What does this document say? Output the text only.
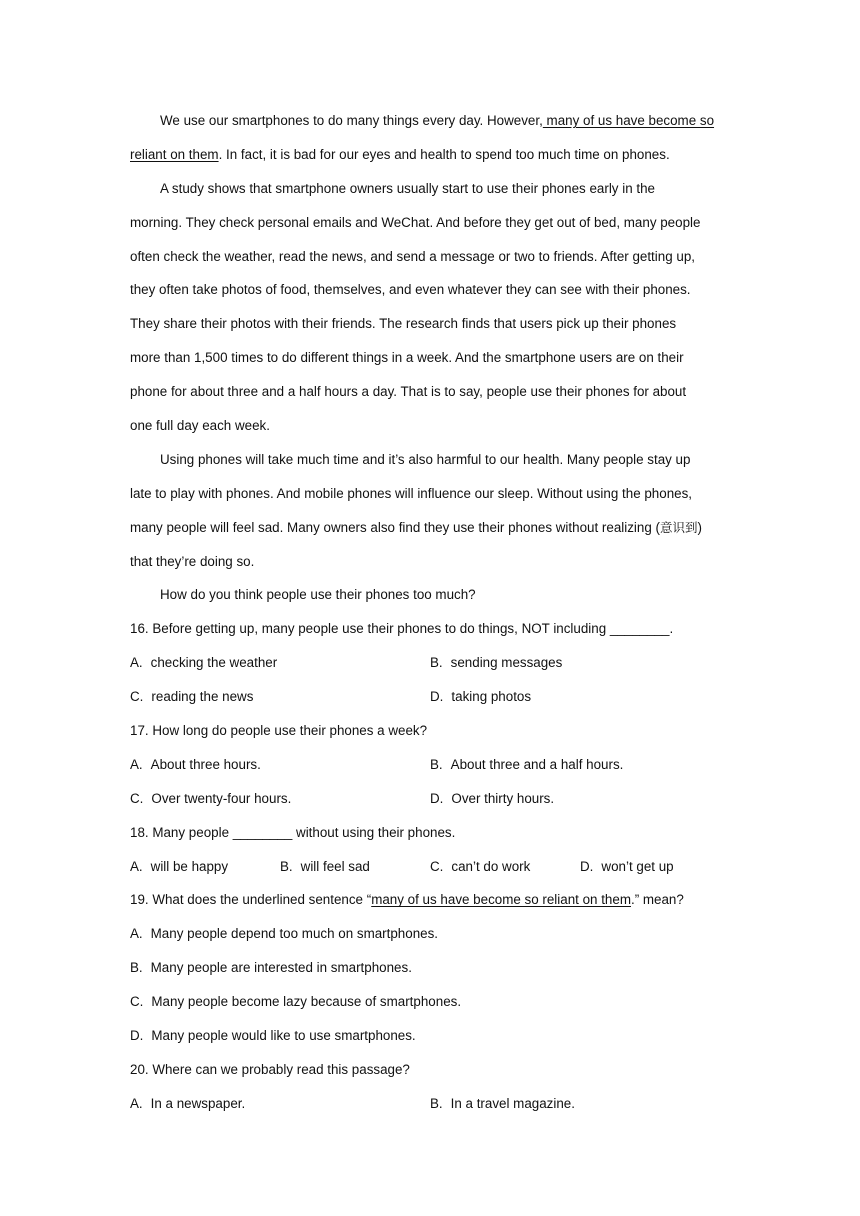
We use our smartphones to do many things every day. However, many of us have become so
reliant on them. In fact, it is bad for our eyes and health to spend too much time on phones.
A study shows that smartphone owners usually start to use their phones early in the
morning. They check personal emails and WeChat. And before they get out of bed, many people
often check the weather, read the news, and send a message or two to friends. After getting up,
they often take photos of food, themselves, and even whatever they can see with their phones.
They share their photos with their friends. The research finds that users pick up their phones
more than 1,500 times to do different things in a week. And the smartphone users are on their
phone for about three and a half hours a day. That is to say, people use their phones for about
one full day each week.
Using phones will take much time and it’s also harmful to our health. Many people stay up
late to play with phones. And mobile phones will influence our sleep. Without using the phones,
many people will feel sad. Many owners also find they use their phones without realizing (意识到)
that they’re doing so.
How do you think people use their phones too much?
16. Before getting up, many people use their phones to do things, NOT including ________.
A. checking the weather	B. sending messages
C. reading the news	D. taking photos
17. How long do people use their phones a week?
A. About three hours.	B. About three and a half hours.
C. Over twenty-four hours.	D. Over thirty hours.
18. Many people ________ without using their phones.
A. will be happy	B. will feel sad	C. can’t do work	D. won’t get up
19. What does the underlined sentence “many of us have become so reliant on them.” mean?
A. Many people depend too much on smartphones.
B. Many people are interested in smartphones.
C. Many people become lazy because of smartphones.
D. Many people would like to use smartphones.
20. Where can we probably read this passage?
A. In a newspaper.	B. In a travel magazine.
